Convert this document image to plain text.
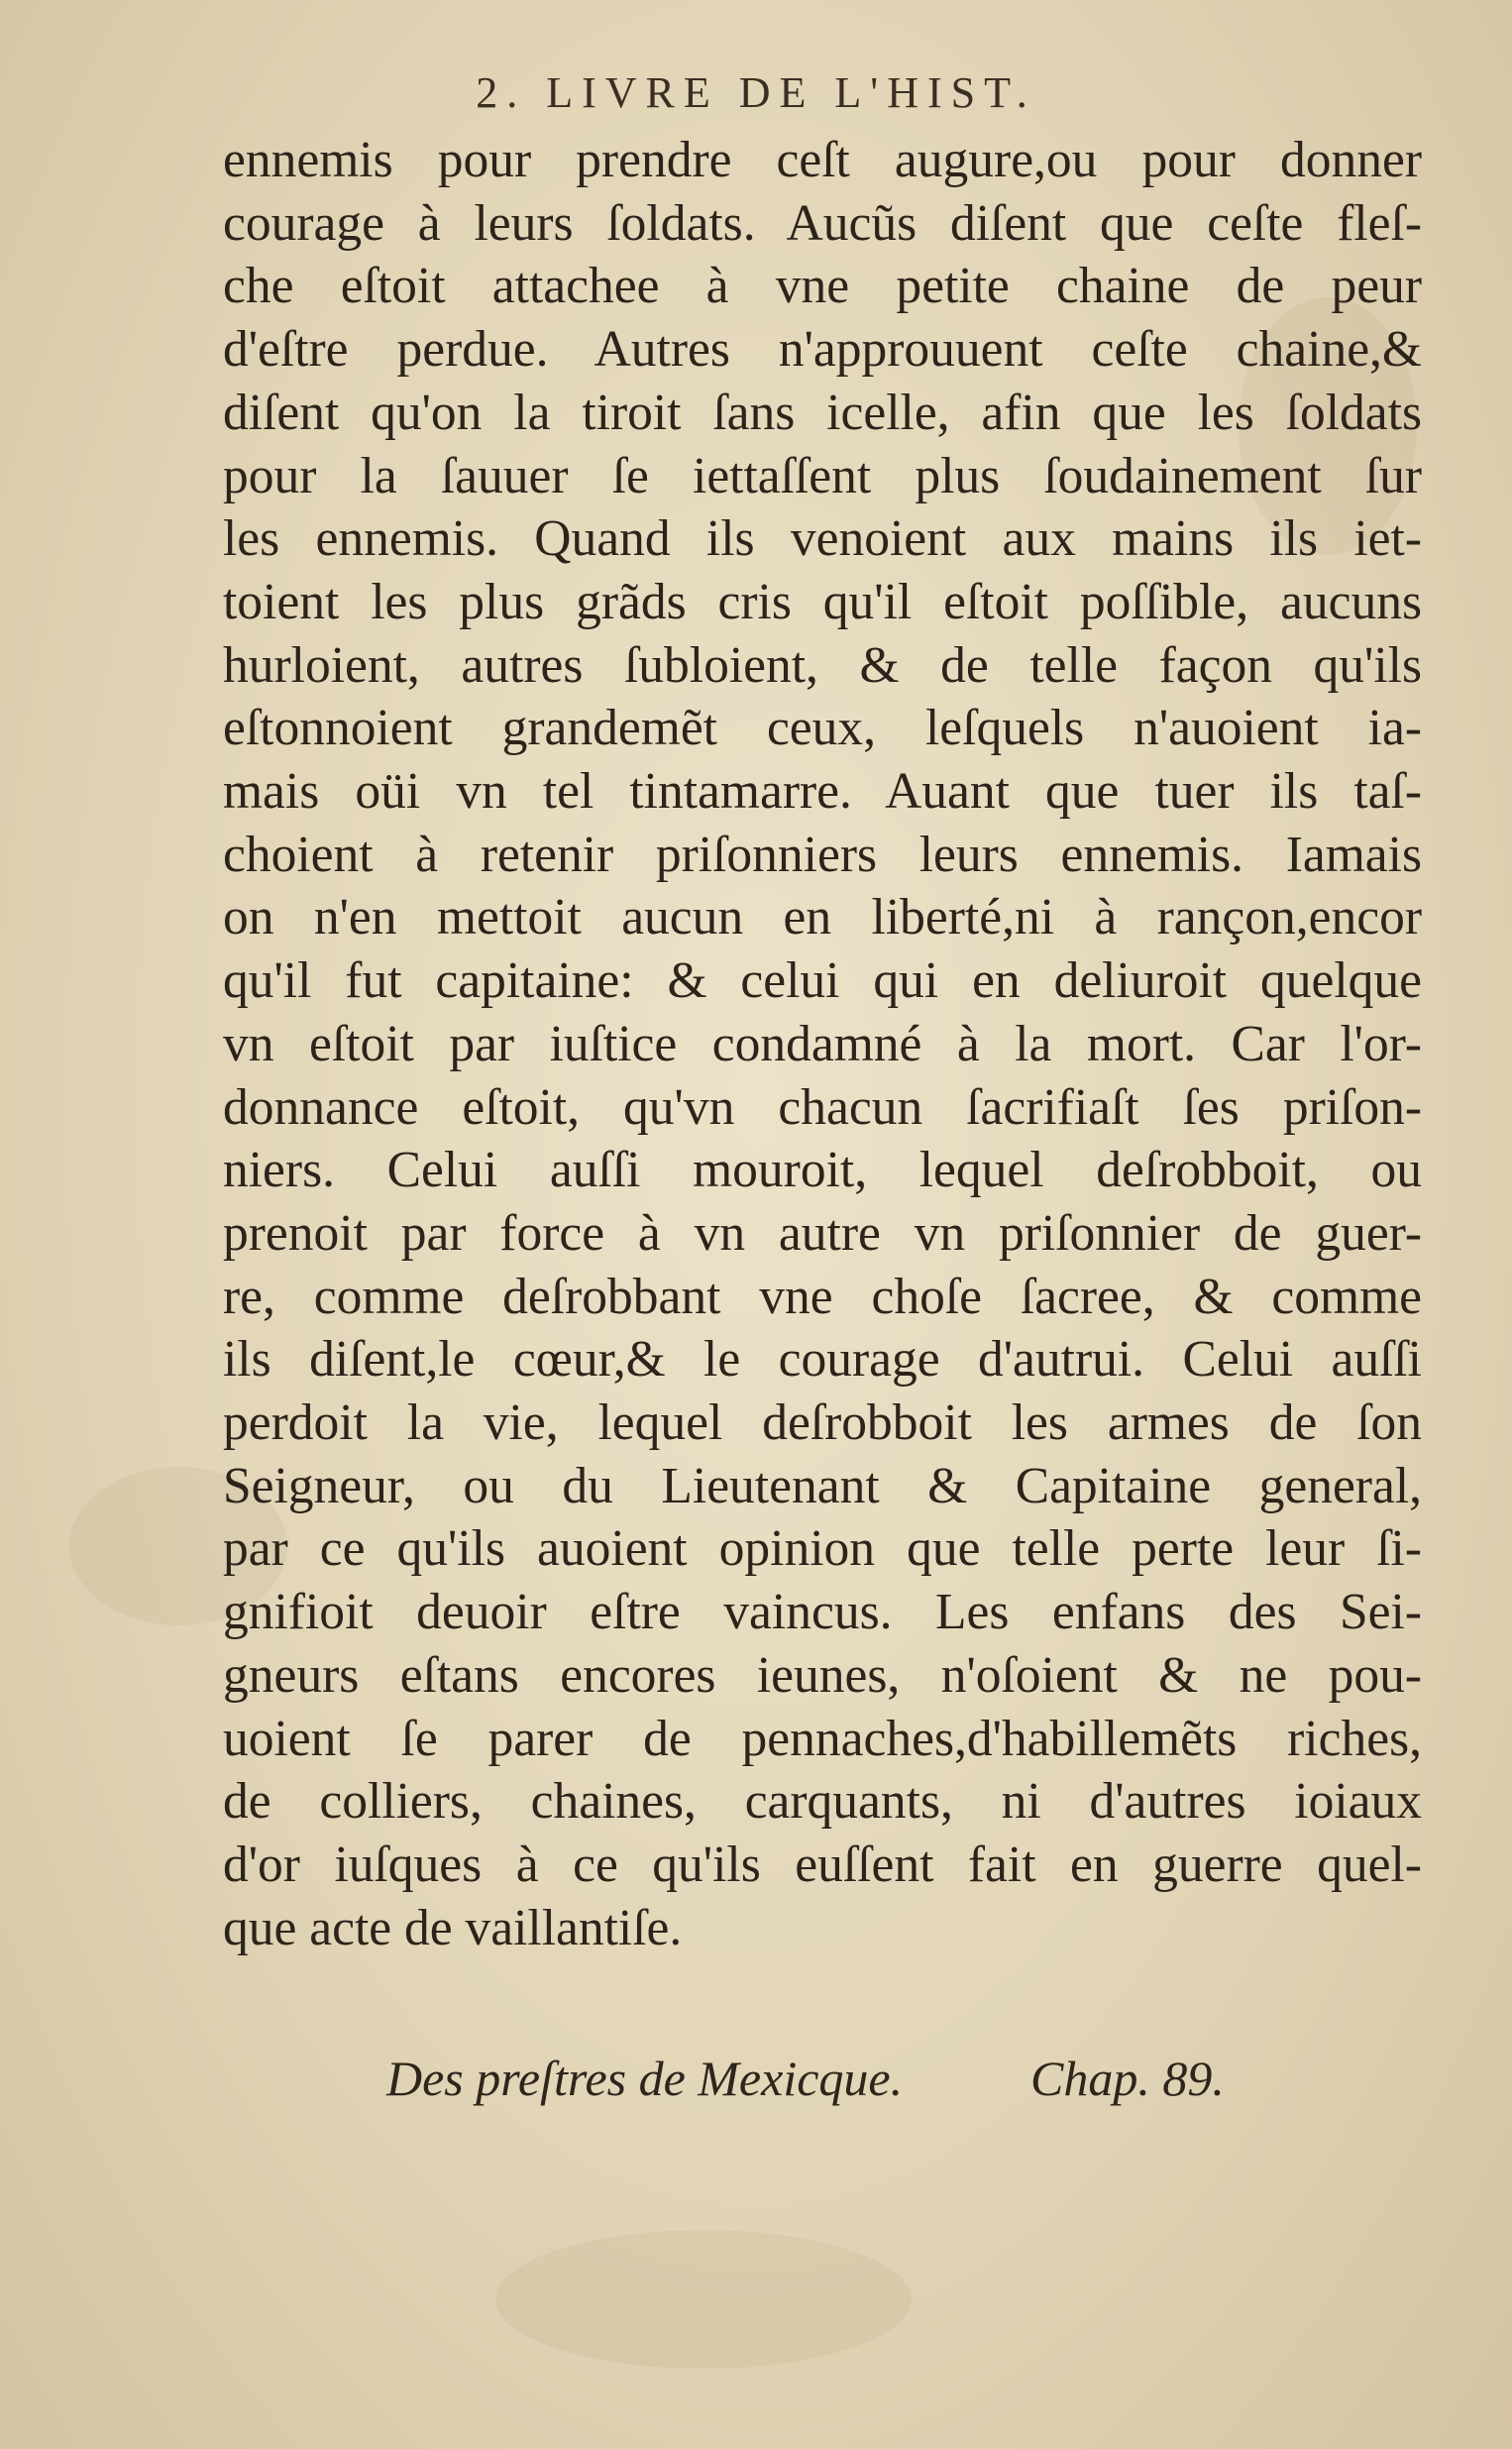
2. LIVRE DE L'HIST.
ennemis pour prendre ceſt augure,ou pour donner
courage à leurs ſoldats. Aucũs diſent que ceſte fleſ-
che eſtoit attachee à vne petite chaine de peur
d'eſtre perdue. Autres n'approuuent ceſte chaine,&
diſent qu'on la tiroit ſans icelle, afin que les ſoldats
pour la ſauuer ſe iettaſſent plus ſoudainement ſur
les ennemis. Quand ils venoient aux mains ils iet-
toient les plus grãds cris qu'il eſtoit poſſible, aucuns
hurloient, autres ſubloient, & de telle façon qu'ils
eſtonnoient grandemẽt ceux, leſquels n'auoient ia-
mais oüi vn tel tintamarre. Auant que tuer ils taſ-
choient à retenir priſonniers leurs ennemis. Iamais
on n'en mettoit aucun en liberté,ni à rançon,encor
qu'il fut capitaine: & celui qui en deliuroit quelque
vn eſtoit par iuſtice condamné à la mort. Car l'or-
donnance eſtoit, qu'vn chacun ſacrifiaſt ſes priſon-
niers. Celui auſſi mouroit, lequel deſrobboit, ou
prenoit par force à vn autre vn priſonnier de guer-
re, comme deſrobbant vne choſe ſacree, & comme
ils diſent,le cœur,& le courage d'autrui. Celui auſſi
perdoit la vie, lequel deſrobboit les armes de ſon
Seigneur, ou du Lieutenant & Capitaine general,
par ce qu'ils auoient opinion que telle perte leur ſi-
gnifioit deuoir eſtre vaincus. Les enfans des Sei-
gneurs eſtans encores ieunes, n'oſoient & ne pou-
uoient ſe parer de pennaches,d'habillemẽts riches,
de colliers, chaines, carquants, ni d'autres ioiaux
d'or iuſques à ce qu'ils euſſent fait en guerre quel-
que acte de vaillantiſe.
Des preſtres de Mexicque.	Chap. 89.
